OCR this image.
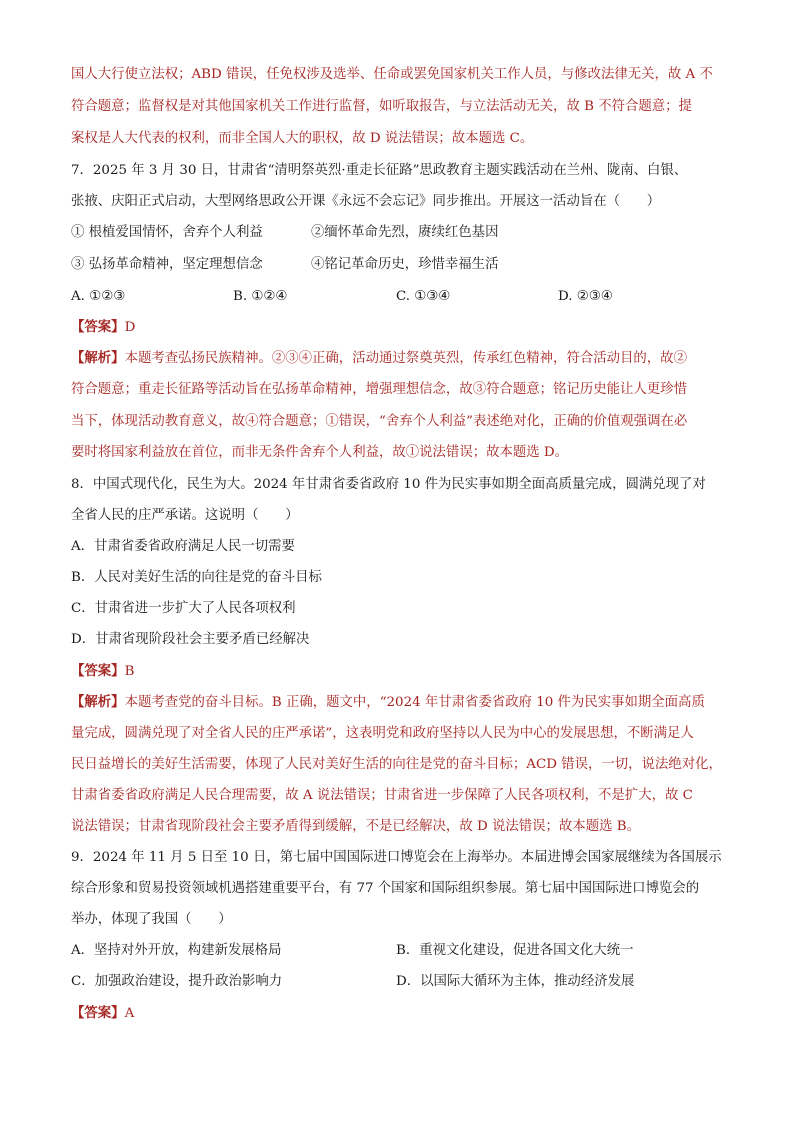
国人大行使立法权；ABD 错误，任免权涉及选举、任命或罢免国家机关工作人员，与修改法律无关，故 A 不
符合题意；监督权是对其他国家机关工作进行监督，如听取报告，与立法活动无关，故 B 不符合题意；提
案权是人大代表的权利，而非全国人大的职权，故 D 说法错误；故本题选 C。
7．2025 年 3 月 30 日，甘肃省“清明祭英烈·重走长征路”思政教育主题实践活动在兰州、陇南、白银、
张掖、庆阳正式启动，大型网络思政公开课《永远不会忘记》同步推出。开展这一活动旨在（　　）
① 根植爱国情怀，舍弃个人利益	②缅怀革命先烈，赓续红色基因
③ 弘扬革命精神，坚定理想信念	④铭记革命历史，珍惜幸福生活
A. ①②③	B. ①②④	C. ①③④	D. ②③④
【答案】D
【解析】本题考查弘扬民族精神。②③④正确，活动通过祭奠英烈，传承红色精神，符合活动目的，故②
符合题意；重走长征路等活动旨在弘扬革命精神，增强理想信念，故③符合题意；铭记历史能让人更珍惜
当下，体现活动教育意义，故④符合题意；①错误，“舍弃个人利益”表述绝对化，正确的价值观强调在必
要时将国家利益放在首位，而非无条件舍弃个人利益，故①说法错误；故本题选 D。
8．中国式现代化，民生为大。2024 年甘肃省委省政府 10 件为民实事如期全面高质量完成，圆满兑现了对
全省人民的庄严承诺。这说明（　　）
A．甘肃省委省政府满足人民一切需要
B．人民对美好生活的向往是党的奋斗目标
C．甘肃省进一步扩大了人民各项权利
D．甘肃省现阶段社会主要矛盾已经解决
【答案】B
【解析】本题考查党的奋斗目标。B 正确，题文中，“2024 年甘肃省委省政府 10 件为民实事如期全面高质
量完成，圆满兑现了对全省人民的庄严承诺”，这表明党和政府坚持以人民为中心的发展思想，不断满足人
民日益增长的美好生活需要，体现了人民对美好生活的向往是党的奋斗目标；ACD 错误，一切，说法绝对化，
甘肃省委省政府满足人民合理需要，故 A 说法错误；甘肃省进一步保障了人民各项权利，不是扩大，故 C
说法错误；甘肃省现阶段社会主要矛盾得到缓解，不是已经解决，故 D 说法错误；故本题选 B。
9．2024 年 11 月 5 日至 10 日，第七届中国国际进口博览会在上海举办。本届进博会国家展继续为各国展示
综合形象和贸易投资领域机遇搭建重要平台，有 77 个国家和国际组织参展。第七届中国国际进口博览会的
举办，体现了我国（　　）
A．坚持对外开放，构建新发展格局	B．重视文化建设，促进各国文化大统一
C．加强政治建设，提升政治影响力	D．以国际大循环为主体，推动经济发展
【答案】A
